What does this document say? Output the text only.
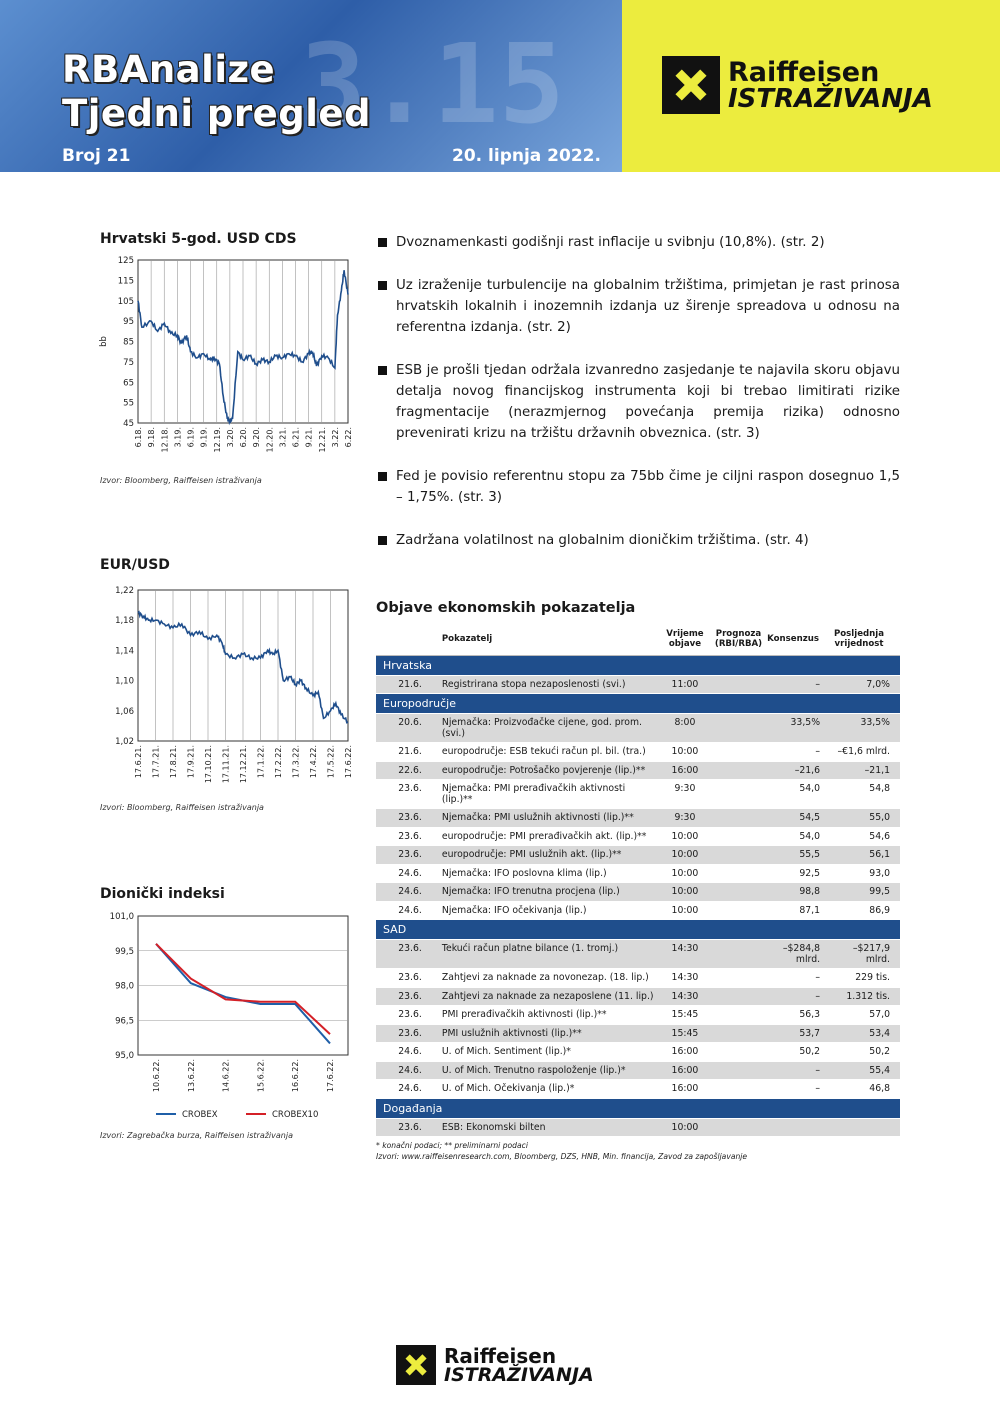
3.15
RBAnalize
Tjedni pregled
Broj 21	20. lipnja 2022.
Raiffeisen
ISTRAŽIVANJA
Hrvatski 5-god. USD CDS
125
115
105
95
85
75
65
55
45
6.18. 9.18. 12.18. 3.19. 6.19. 9.19. 12.19. 3.20. 6.20. 9.20. 12.20. 3.21. 6.21. 9.21. 12.21. 3.22. 6.22.
bb
Izvor: Bloomberg, Raiffeisen istraživanja
EUR/USD
1,22
1,18
1,14
1,10
1,06
1,02
17.6.21. 17.7.21. 17.8.21. 17.9.21. 17.10.21. 17.11.21. 17.12.21. 17.1.22. 17.2.22. 17.3.22. 17.4.22. 17.5.22. 17.6.22.
Izvori: Bloomberg, Raiffeisen istraživanja
Dionički indeksi
101,0
99,5
98,0
96,5
95,0
10.6.22.	13.6.22.	14.6.22.	15.6.22.	16.6.22.	17.6.22.
CROBEX	CROBEX10
Izvori: Zagrebačka burza, Raiffeisen istraživanja
Dvoznamenkasti godišnji rast inflacije u svibnju (10,8%). (str. 2)
Uz izraženije turbulencije na globalnim tržištima, primjetan je rast prinosa hrvatskih lokalnih i inozemnih izdanja uz širenje spreadova u odnosu na referentna izdanja. (str. 2)
ESB je prošli tjedan održala izvanredno zasjedanje te najavila skoru objavu detalja novog financijskog instrumenta koji bi trebao limitirati rizike fragmentacije (nerazmjernog povećanja premija rizika) odnosno prevenirati krizu na tržištu državnih obveznica. (str. 3)
Fed je povisio referentnu stopu za 75bb čime je ciljni raspon dosegnuo 1,5 – 1,75%. (str. 3)
Zadržana volatilnost na globalnim dioničkim tržištima. (str. 4)
Objave ekonomskih pokazatelja
	Pokazatelj	Vrijeme objave	Prognoza (RBI/RBA)	Konsenzus	Posljednja vrijednost
Hrvatska					
21.6.	Registrirana stopa nezaposlenosti (svi.)	11:00		–	7,0%
Europodručje					
20.6.	Njemačka: Proizvođačke cijene, god. prom. (svi.)	8:00		33,5%	33,5%
21.6.	europodručje: ESB tekući račun pl. bil. (tra.)	10:00		–	–€1,6 mlrd.
22.6.	europodručje: Potrošačko povjerenje (lip.)**	16:00		–21,6	–21,1
23.6.	Njemačka: PMI prerađivačkih aktivnosti (lip.)**	9:30		54,0	54,8
23.6.	Njemačka: PMI uslužnih aktivnosti (lip.)**	9:30		54,5	55,0
23.6.	europodručje: PMI prerađivačkih akt. (lip.)**	10:00		54,0	54,6
23.6.	europodručje: PMI uslužnih akt. (lip.)**	10:00		55,5	56,1
24.6.	Njemačka: IFO poslovna klima (lip.)	10:00		92,5	93,0
24.6.	Njemačka: IFO trenutna procjena (lip.)	10:00		98,8	99,5
24.6.	Njemačka: IFO očekivanja (lip.)	10:00		87,1	86,9
SAD					
23.6.	Tekući račun platne bilance (1. tromj.)	14:30		–$284,8 mlrd.	–$217,9 mlrd.
23.6.	Zahtjevi za naknade za novonezap. (18. lip.)	14:30		–	229 tis.
23.6.	Zahtjevi za naknade za nezaposlene (11. lip.)	14:30		–	1.312 tis.
23.6.	PMI prerađivačkih aktivnosti (lip.)**	15:45		56,3	57,0
23.6.	PMI uslužnih aktivnosti (lip.)**	15:45		53,7	53,4
24.6.	U. of Mich. Sentiment (lip.)*	16:00		50,2	50,2
24.6.	U. of Mich. Trenutno raspoloženje (lip.)*	16:00		–	55,4
24.6.	U. of Mich. Očekivanja (lip.)*	16:00		–	46,8
Događanja					
23.6.	ESB: Ekonomski bilten	10:00			
* konačni podaci; ** preliminarni podaci
Izvori: www.raiffeisenresearch.com, Bloomberg, DZS, HNB, Min. financija, Zavod za zapošljavanje
Raiffeisen
ISTRAŽIVANJA
